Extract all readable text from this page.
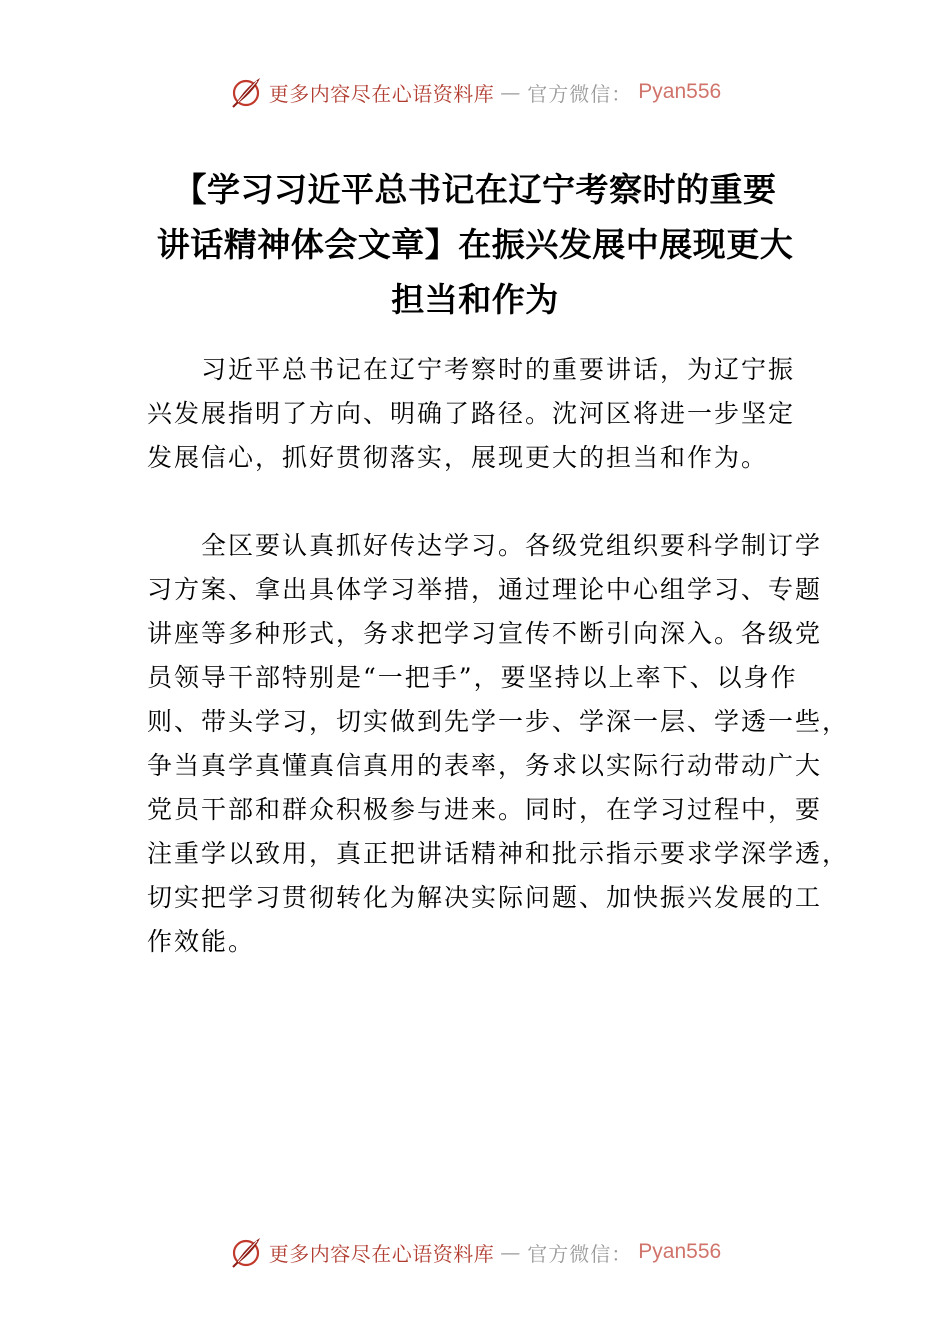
更多内容尽在心语资料库 — 官方微信： Pyan556
【学习习近平总书记在辽宁考察时的重要
讲话精神体会文章】在振兴发展中展现更大
担当和作为

习近平总书记在辽宁考察时的重要讲话，为辽宁振
兴发展指明了方向、明确了路径。沈河区将进一步坚定
发展信心，抓好贯彻落实，展现更大的担当和作为。

全区要认真抓好传达学习。各级党组织要科学制订学
习方案、拿出具体学习举措，通过理论中心组学习、专题
讲座等多种形式，务求把学习宣传不断引向深入。各级党
员领导干部特别是“一把手”，要坚持以上率下、以身作
则、带头学习，切实做到先学一步、学深一层、学透一些，
争当真学真懂真信真用的表率，务求以实际行动带动广大
党员干部和群众积极参与进来。同时，在学习过程中，要
注重学以致用，真正把讲话精神和批示指示要求学深学透，
切实把学习贯彻转化为解决实际问题、加快振兴发展的工
作效能。

更多内容尽在心语资料库 — 官方微信： Pyan556
